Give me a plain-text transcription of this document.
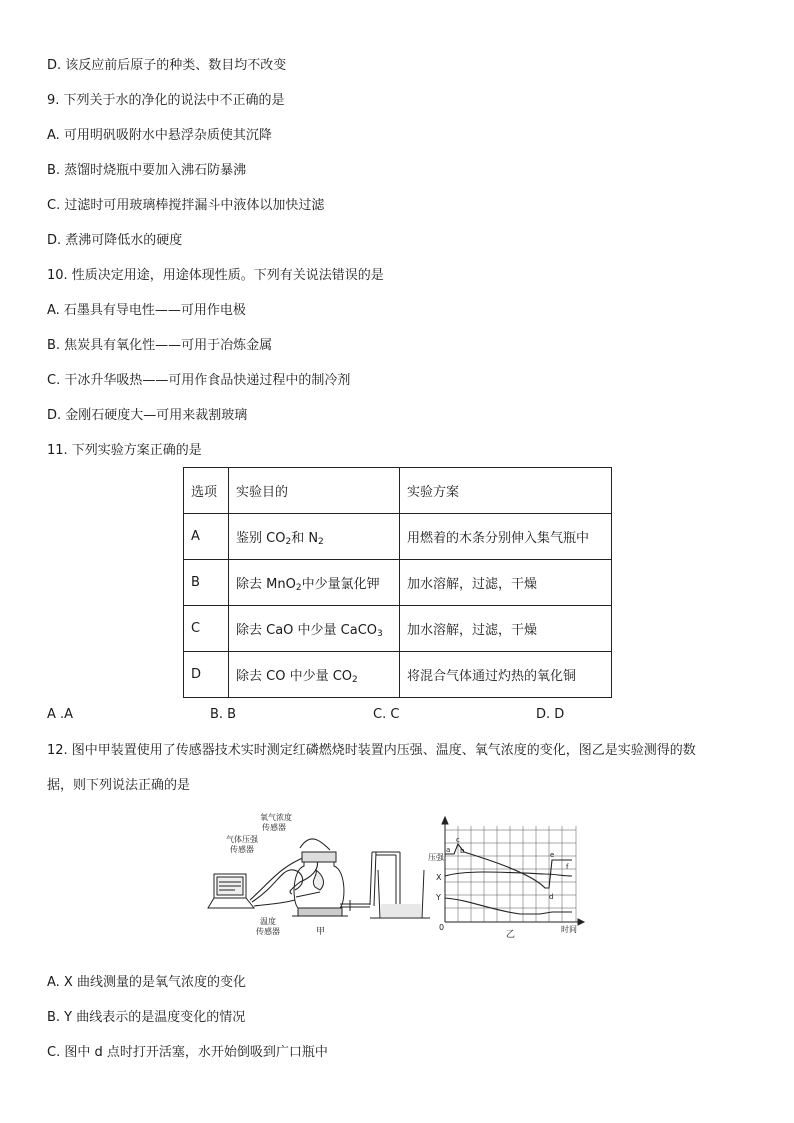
D. 该反应前后原子的种类、数目均不改变
9. 下列关于水的净化的说法中不正确的是
A. 可用明矾吸附水中悬浮杂质使其沉降
B. 蒸馏时烧瓶中要加入沸石防暴沸
C. 过滤时可用玻璃棒搅拌漏斗中液体以加快过滤
D. 煮沸可降低水的硬度
10. 性质决定用途，用途体现性质。下列有关说法错误的是
A. 石墨具有导电性——可用作电极
B. 焦炭具有氧化性——可用于冶炼金属
C. 干冰升华吸热——可用作食品快递过程中的制冷剂
D. 金刚石硬度大—可用来裁割玻璃
11. 下列实验方案正确的是
选项	实验目的	实验方案
A	鉴别 $CO_2$和 $N_2$	用燃着的木条分别伸入集气瓶中
B	除去 MnO$_2$中少量氯化钾	加水溶解，过滤，干燥
C	除去 CaO 中少量 CaCO$_3$	加水溶解，过滤，干燥
D	除去 CO 中少量 $CO_2$	将混合气体通过灼热的氧化铜
A .A	B. B	C. C	D. D
12. 图中甲装置使用了传感器技术实时测定红磷燃烧时装置内压强、温度、氧气浓度的变化，图乙是实验测得的数
据，则下列说法正确的是
氧气浓度
传感器
气体压强
传感器
温度
传感器	甲
压强
X
Y
0	时间
乙
a b
c
d
e
f
A. X 曲线测量的是氧气浓度的变化
B. Y 曲线表示的是温度变化的情况
C. 图中 d 点时打开活塞，水开始倒吸到广口瓶中
